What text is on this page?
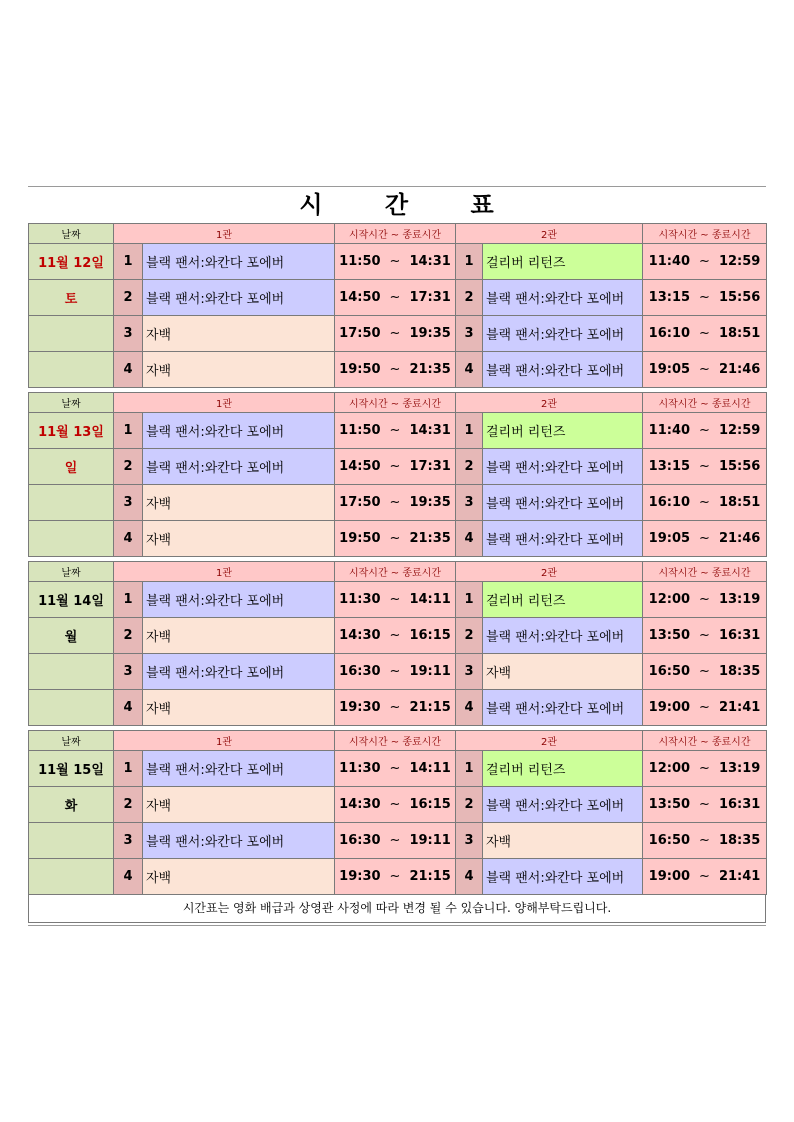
시	간	표
날짜	1관		시작시간 ~ 종료시간	2관		시작시간 ~ 종료시간
11월 12일	1	블랙 팬서:와칸다 포에버	11:50 ~ 14:31	1	걸리버 리턴즈	11:40 ~ 12:59
토	2	블랙 팬서:와칸다 포에버	14:50 ~ 17:31	2	블랙 팬서:와칸다 포에버	13:15 ~ 15:56
	3	자백	17:50 ~ 19:35	3	블랙 팬서:와칸다 포에버	16:10 ~ 18:51
	4	자백	19:50 ~ 21:35	4	블랙 팬서:와칸다 포에버	19:05 ~ 21:46
날짜	1관		시작시간 ~ 종료시간	2관		시작시간 ~ 종료시간
11월 13일	1	블랙 팬서:와칸다 포에버	11:50 ~ 14:31	1	걸리버 리턴즈	11:40 ~ 12:59
일	2	블랙 팬서:와칸다 포에버	14:50 ~ 17:31	2	블랙 팬서:와칸다 포에버	13:15 ~ 15:56
	3	자백	17:50 ~ 19:35	3	블랙 팬서:와칸다 포에버	16:10 ~ 18:51
	4	자백	19:50 ~ 21:35	4	블랙 팬서:와칸다 포에버	19:05 ~ 21:46
날짜	1관		시작시간 ~ 종료시간	2관		시작시간 ~ 종료시간
11월 14일	1	블랙 팬서:와칸다 포에버	11:30 ~ 14:11	1	걸리버 리턴즈	12:00 ~ 13:19
월	2	자백	14:30 ~ 16:15	2	블랙 팬서:와칸다 포에버	13:50 ~ 16:31
	3	블랙 팬서:와칸다 포에버	16:30 ~ 19:11	3	자백	16:50 ~ 18:35
	4	자백	19:30 ~ 21:15	4	블랙 팬서:와칸다 포에버	19:00 ~ 21:41
날짜	1관		시작시간 ~ 종료시간	2관		시작시간 ~ 종료시간
11월 15일	1	블랙 팬서:와칸다 포에버	11:30 ~ 14:11	1	걸리버 리턴즈	12:00 ~ 13:19
화	2	자백	14:30 ~ 16:15	2	블랙 팬서:와칸다 포에버	13:50 ~ 16:31
	3	블랙 팬서:와칸다 포에버	16:30 ~ 19:11	3	자백	16:50 ~ 18:35
	4	자백	19:30 ~ 21:15	4	블랙 팬서:와칸다 포에버	19:00 ~ 21:41
시간표는 영화 배급과 상영관 사정에 따라 변경 될 수 있습니다. 양해부탁드립니다.
